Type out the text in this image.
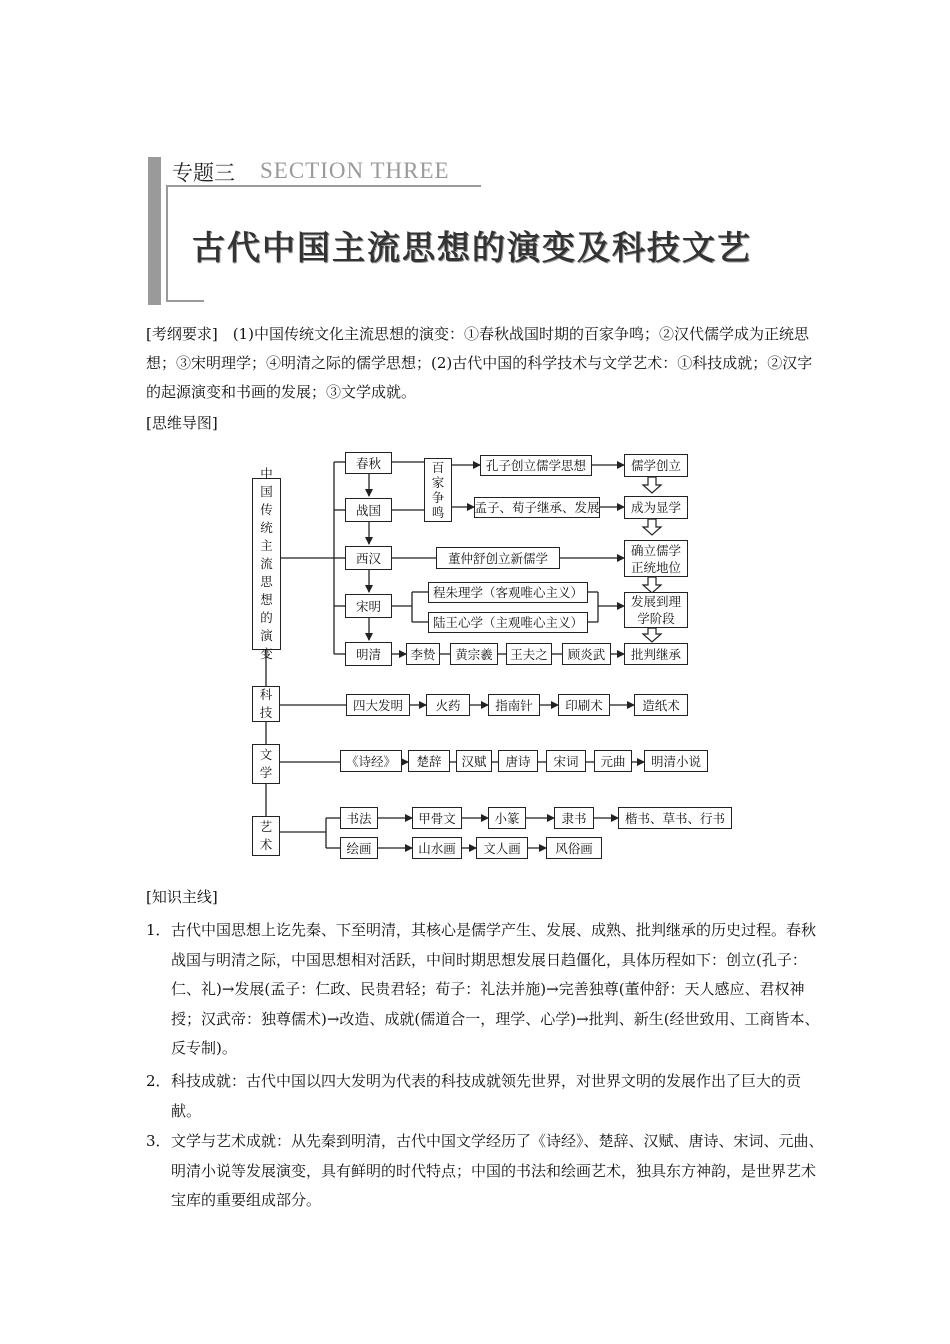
专题三 SECTION THREE
古代中国主流思想的演变及科技文艺
[考纲要求]　(1)中国传统文化主流思想的演变：①春秋战国时期的百家争鸣；②汉代儒学成为正统思想；③宋明理学；④明清之际的儒学思想；(2)古代中国的科学技术与文学艺术：①科技成就；②汉字的起源演变和书画的发展；③文学成就。
[思维导图]
中
国
传
统
主
流
思
想
的
演
变
春秋
战国
百
家
争
鸣
西汉
宋明
明清
孔子创立儒学思想
孟子、荀子继承、发展
董仲舒创立新儒学
程朱理学（客观唯心主义）
陆王心学（主观唯心主义）
李贽	黄宗羲	王夫之	顾炎武
儒学创立
成为显学
确立儒学正统地位
发展到理学阶段
批判继承
科
技	四大发明	火药	指南针	印刷术	造纸术
文
学
《诗经》	楚辞	汉赋	唐诗	宋词	元曲	明清小说
艺
术
书法	甲骨文	小篆	隶书	楷书、草书、行书
绘画	山水画	文人画	风俗画
[知识主线]
1． 古代中国思想上讫先秦、下至明清，其核心是儒学产生、发展、成熟、批判继承的历史过程。春秋战国与明清之际，中国思想相对活跃，中间时期思想发展日趋僵化，具体历程如下：创立(孔子：仁、礼)→发展(孟子：仁政、民贵君轻；荀子：礼法并施)→完善独尊(董仲舒：天人感应、君权神授；汉武帝：独尊儒术)→改造、成就(儒道合一，理学、心学)→批判、新生(经世致用、工商皆本、反专制)。
2． 科技成就：古代中国以四大发明为代表的科技成就领先世界，对世界文明的发展作出了巨大的贡献。
3． 文学与艺术成就：从先秦到明清，古代中国文学经历了《诗经》、楚辞、汉赋、唐诗、宋词、元曲、明清小说等发展演变，具有鲜明的时代特点；中国的书法和绘画艺术，独具东方神韵，是世界艺术宝库的重要组成部分。
